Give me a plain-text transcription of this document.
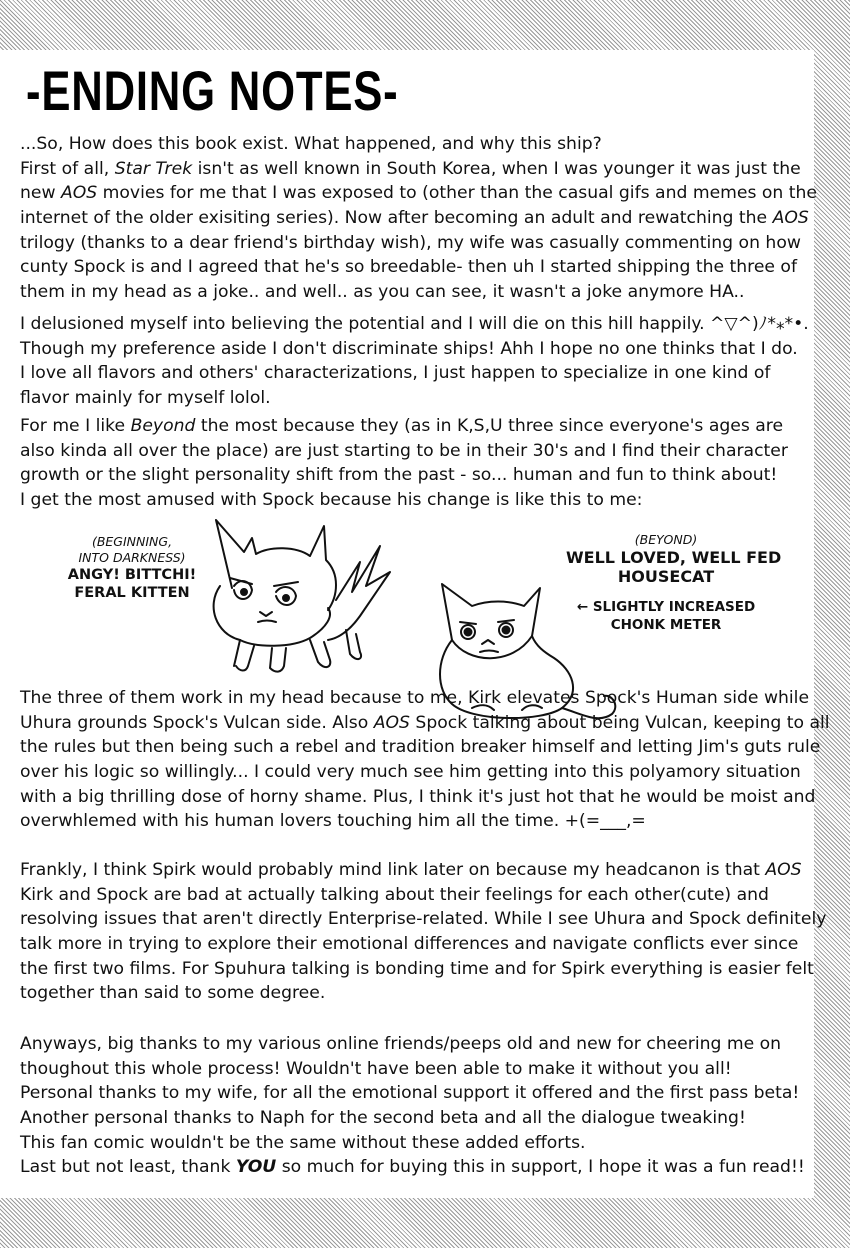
-ENDING NOTES-
...So, How does this book exist. What happened, and why this ship?
First of all, Star Trek isn't as well known in South Korea, when I was younger it was just the
new AOS movies for me that I was exposed to (other than the casual gifs and memes on the
internet of the older exisiting series). Now after becoming an adult and rewatching the AOS
trilogy (thanks to a dear friend's birthday wish), my wife was casually commenting on how
cunty Spock is and I agreed that he's so breedable- then uh I started shipping the three of
them in my head as a joke.. and well.. as you can see, it wasn't a joke anymore HA..
I delusioned myself into believing the potential and I will die on this hill happily. ^▽^)ﾉ*⁎*•.
Though my preference aside I don't discriminate ships! Ahh I hope no one thinks that I do.
I love all flavors and others' characterizations, I just happen to specialize in one kind of
flavor mainly for myself lolol.
For me I like Beyond the most because they (as in K,S,U three since everyone's ages are
also kinda all over the place) are just starting to be in their 30's and I find their character
growth or the slight personality shift from the past - so... human and fun to think about!
I get the most amused with Spock because his change is like this to me:
(BEGINNING,
INTO DARKNESS)
ANGY! BITTCHI!
FERAL KITTEN
(BEYOND)
WELL LOVED, WELL FED
HOUSECAT
← SLIGHTLY INCREASED
CHONK METER
The three of them work in my head because to me, Kirk elevates Spock's Human side while
Uhura grounds Spock's Vulcan side. Also AOS Spock talking about being Vulcan, keeping to all
the rules but then being such a rebel and tradition breaker himself and letting Jim's guts rule
over his logic so willingly... I could very much see him getting into this polyamory situation
with a big thrilling dose of horny shame. Plus, I think it's just hot that he would be moist and
overwhlemed with his human lovers touching him all the time. +(=___,=
Frankly, I think Spirk would probably mind link later on because my headcanon is that AOS
Kirk and Spock are bad at actually talking about their feelings for each other(cute) and
resolving issues that aren't directly Enterprise-related. While I see Uhura and Spock definitely
talk more in trying to explore their emotional differences and navigate conflicts ever since
the first two films. For Spuhura talking is bonding time and for Spirk everything is easier felt
together than said to some degree.
Anyways, big thanks to my various online friends/peeps old and new for cheering me on
thoughout this whole process! Wouldn't have been able to make it without you all!
Personal thanks to my wife, for all the emotional support it offered and the first pass beta!
Another personal thanks to Naph for the second beta and all the dialogue tweaking!
This fan comic wouldn't be the same without these added efforts.
Last but not least, thank YOU so much for buying this in support, I hope it was a fun read!!
